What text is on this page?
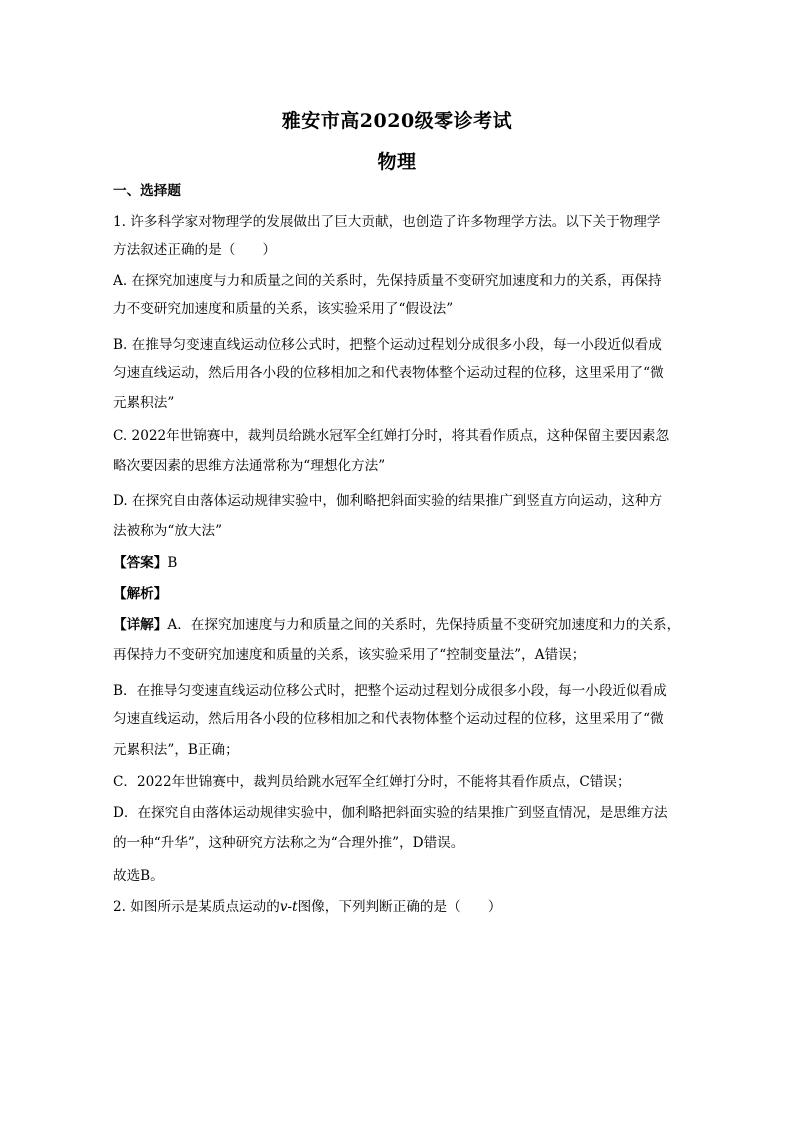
雅安市高2020级零诊考试
物理
一、选择题
1. 许多科学家对物理学的发展做出了巨大贡献，也创造了许多物理学方法。以下关于物理学
方法叙述正确的是（　　）
A. 在探究加速度与力和质量之间的关系时，先保持质量不变研究加速度和力的关系，再保持
力不变研究加速度和质量的关系，该实验采用了“假设法”
B. 在推导匀变速直线运动位移公式时，把整个运动过程划分成很多小段，每一小段近似看成
匀速直线运动，然后用各小段的位移相加之和代表物体整个运动过程的位移，这里采用了“微
元累积法”
C. 2022年世锦赛中，裁判员给跳水冠军全红婵打分时，将其看作质点，这种保留主要因素忽
略次要因素的思维方法通常称为“理想化方法”
D. 在探究自由落体运动规律实验中，伽利略把斜面实验的结果推广到竖直方向运动，这种方
法被称为“放大法”
【答案】B
【解析】
【详解】A．在探究加速度与力和质量之间的关系时，先保持质量不变研究加速度和力的关系，
再保持力不变研究加速度和质量的关系，该实验采用了“控制变量法”，A错误；
B．在推导匀变速直线运动位移公式时，把整个运动过程划分成很多小段，每一小段近似看成
匀速直线运动，然后用各小段的位移相加之和代表物体整个运动过程的位移，这里采用了“微
元累积法”，B正确；
C．2022年世锦赛中，裁判员给跳水冠军全红婵打分时，不能将其看作质点，C错误；
D．在探究自由落体运动规律实验中，伽利略把斜面实验的结果推广到竖直情况，是思维方法
的一种“升华”，这种研究方法称之为“合理外推”，D错误。
故选B。
2. 如图所示是某质点运动的v-t图像，下列判断正确的是（　　）
